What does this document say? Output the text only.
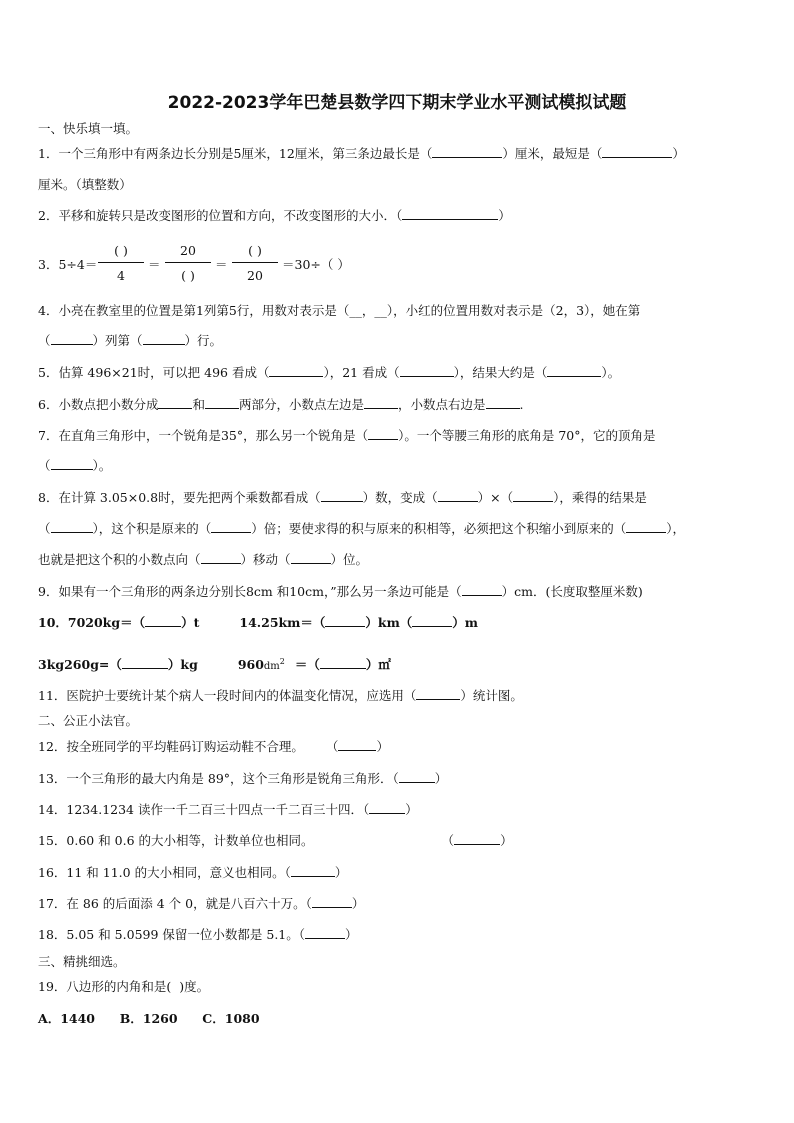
2022-2023学年巴楚县数学四下期末学业水平测试模拟试题
一、快乐填一填。
1．一个三角形中有两条边长分别是5厘米，12厘米，第三条边最长是（	）厘米，最短是（	）
厘米。（填整数）
2．平移和旋转只是改变图形的位置和方向，不改变图形的大小．（	）
3．5÷4＝
( )
4
＝
20
( )
＝
( )
20
＝30÷（ ）
4．小亮在教室里的位置是第1列第5行，用数对表示是（__，__），小红的位置用数对表示是（2，3），她在第
（	）列第（	）行。
5．估算 496×21时，可以把 496 看成（	），21 看成（	），结果大约是（	）。
6．小数点把小数分成	和	两部分，小数点左边是	，小数点右边是	.
7．在直角三角形中，一个锐角是35°，那么另一个锐角是（ ）。一个等腰三角形的底角是 70°，它的顶角是
（	）。
8．在计算 3.05×0.8时，要先把两个乘数都看成（	）数，变成（	）×（	），乘得的结果是
（	），这个积是原来的（	）倍；要使求得的积与原来的积相等，必须把这个积缩小到原来的（	），
也就是把这个积的小数点向（	）移动（	）位。
9．如果有一个三角形的两条边分别长8cm 和10cm，”那么另一条边可能是（	）cm．(长度取整厘米数)
10．7020kg＝（	）t	14.25km＝（	）km（	）m
3kg260g=（	）kg	$960dm^2$ ＝（	）㎡
11．医院护士要统计某个病人一段时间内的体温变化情况，应选用（	）统计图。
二、公正小法官。
12．按全班同学的平均鞋码订购运动鞋不合理。 （	）
13．一个三角形的最大内角是 89°，这个三角形是锐角三角形．（	）
14．1234.1234 读作一千二百三十四点一千二百三十四．（	）
15．0.60 和 0.6 的大小相等，计数单位也相同。	（	）
16．11 和 11.0 的大小相同，意义也相同。（	）
17．在 86 的后面添 4 个 0，就是八百六十万。（	）
18．5.05 和 5.0599 保留一位小数都是 5.1。（	）
三、精挑细选。
19．八边形的内角和是( )度。
A．1440 B．1260 C．1080
